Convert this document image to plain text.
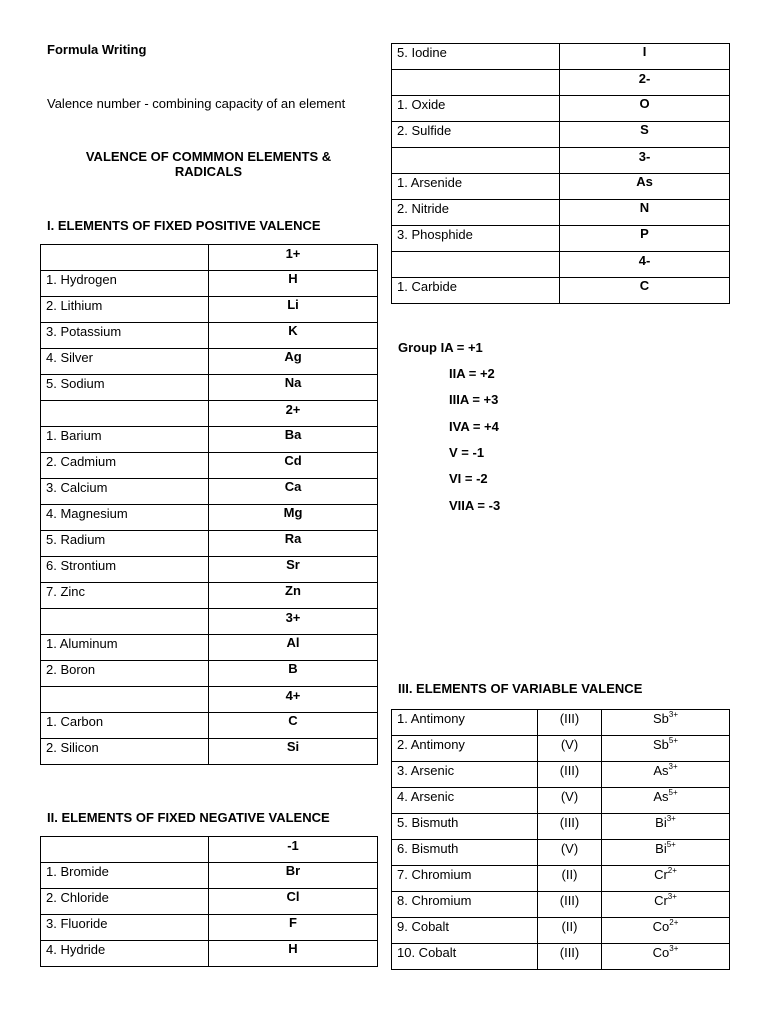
Formula Writing
Valence number - combining capacity of an element
VALENCE OF COMMMON ELEMENTS &
RADICALS
I. ELEMENTS OF FIXED POSITIVE VALENCE
	1+
1. Hydrogen	H
2. Lithium	Li
3. Potassium	K
4. Silver	Ag
5. Sodium	Na
	2+
1. Barium	Ba
2. Cadmium	Cd
3. Calcium	Ca
4. Magnesium	Mg
5. Radium	Ra
6. Strontium	Sr
7. Zinc	Zn
	3+
1. Aluminum	Al
2. Boron	B
	4+
1. Carbon	C
2. Silicon	Si
II. ELEMENTS OF FIXED NEGATIVE VALENCE
	-1
1. Bromide	Br
2. Chloride	Cl
3. Fluoride	F
4. Hydride	H
5. Iodine	I
	2-
1. Oxide	O
2. Sulfide	S
	3-
1. Arsenide	As
2. Nitride	N
3. Phosphide	P
	4-
1. Carbide	C
Group IA = +1
IIA = +2
IIIA = +3
IVA = +4
V = -1
VI = -2
VIIA = -3
III. ELEMENTS OF VARIABLE VALENCE
1. Antimony	(III)	$Sb^{3+}$
2. Antimony	(V)	$Sb^{5+}$
3. Arsenic	(III)	$As^{3+}$
4. Arsenic	(V)	$As^{5+}$
5. Bismuth	(III)	$Bi^{3+}$
6. Bismuth	(V)	$Bi^{5+}$
7. Chromium	(II)	$Cr^{2+}$
8. Chromium	(III)	$Cr^{3+}$
9. Cobalt	(II)	$Co^{2+}$
10. Cobalt	(III)	$Co^{3+}$
